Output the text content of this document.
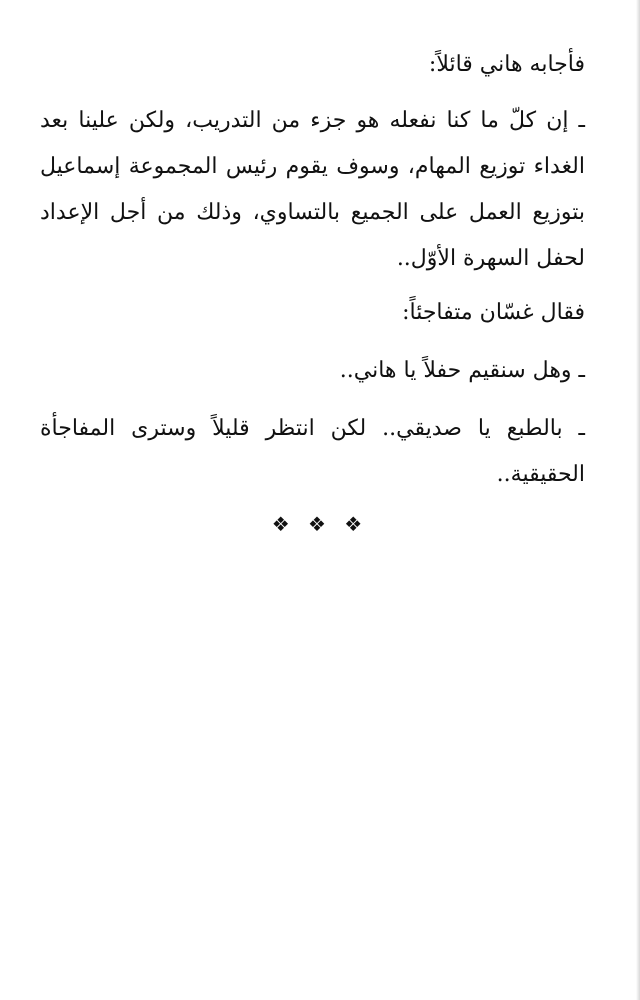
فأجابه هاني قائلاً:

ـ إن كلّ ما كنا نفعله هو جزء من التدريب، ولكن علينا بعد الغداء توزيع المهام، وسوف يقوم رئيس المجموعة إسماعيل بتوزيع العمل على الجميع بالتساوي، وذلك من أجل الإعداد لحفل السهرة الأوّل..

فقال غسّان متفاجئاً:

ـ وهل سنقيم حفلاً يا هاني..

ـ بالطبع يا صديقي.. لكن انتظر قليلاً وسترى المفاجأة الحقيقية..

❖ ❖ ❖
